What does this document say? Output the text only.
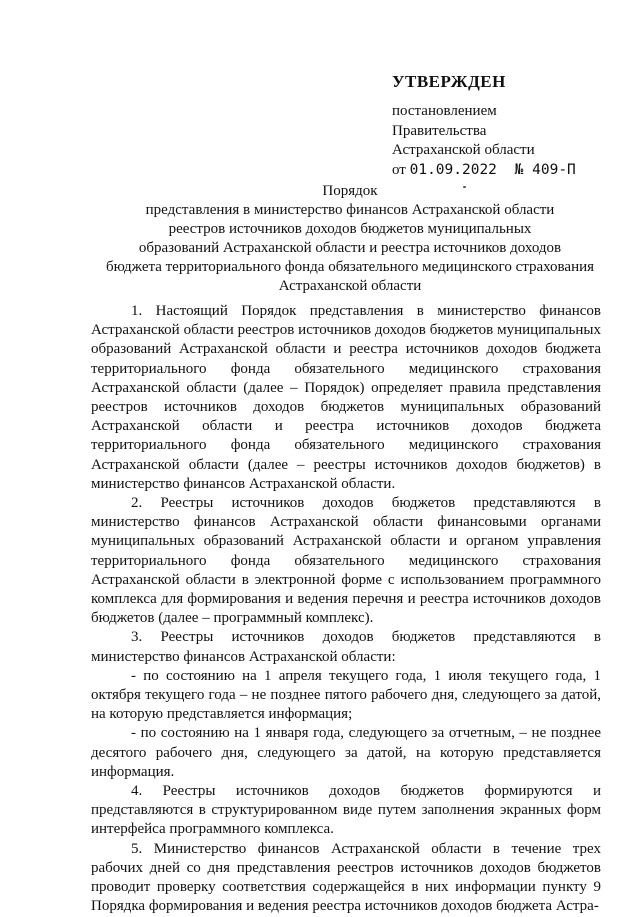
УТВЕРЖДЕН
постановлением
Правительства
Астраханской области
от 01.09.2022 № 409-П
Порядок
представления в министерство финансов Астраханской области
реестров источников доходов бюджетов муниципальных
образований Астраханской области и реестра источников доходов
бюджета территориального фонда обязательного медицинского страхования
Астраханской области

1. Настоящий Порядок представления в министерство финансов Астраханской области реестров источников доходов бюджетов муниципальных образований Астраханской области и реестра источников доходов бюджета территориального фонда обязательного медицинского страхования Астраханской области (далее – Порядок) определяет правила представления реестров источников доходов бюджетов муниципальных образований Астраханской области и реестра источников доходов бюджета территориального фонда обязательного медицинского страхования Астраханской области (далее – реестры источников доходов бюджетов) в министерство финансов Астраханской области.

2. Реестры источников доходов бюджетов представляются в министерство финансов Астраханской области финансовыми органами муниципальных образований Астраханской области и органом управления территориального фонда обязательного медицинского страхования Астраханской области в электронной форме с использованием программного комплекса для формирования и ведения перечня и реестра источников доходов бюджетов (далее – программный комплекс).

3. Реестры источников доходов бюджетов представляются в министерство финансов Астраханской области:

- по состоянию на 1 апреля текущего года, 1 июля текущего года, 1 октября текущего года – не позднее пятого рабочего дня, следующего за датой, на которую представляется информация;

- по состоянию на 1 января года, следующего за отчетным, – не позднее десятого рабочего дня, следующего за датой, на которую представляется информация.

4. Реестры источников доходов бюджетов формируются и представляются в структурированном виде путем заполнения экранных форм интерфейса программного комплекса.

5. Министерство финансов Астраханской области в течение трех рабочих дней со дня представления реестров источников доходов бюджетов проводит проверку соответствия содержащейся в них информации пункту 9 Порядка формирования и ведения реестра источников доходов бюджета Астра-
